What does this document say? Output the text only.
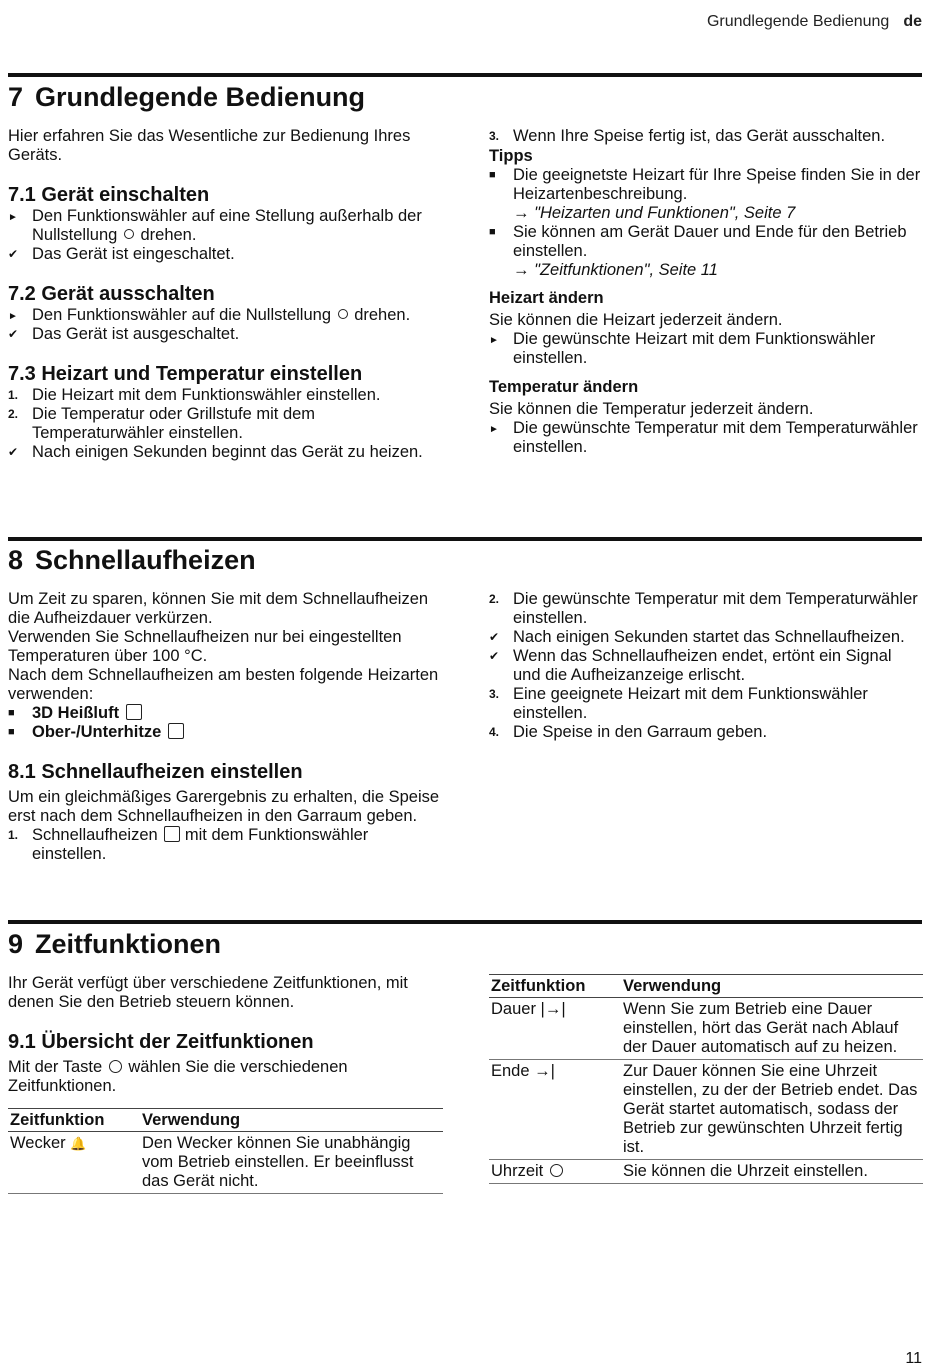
Grundlegende Bedienung de
7 Grundlegende Bedienung

Hier erfahren Sie das Wesentliche zur Bedienung Ihres Geräts.

7.1 Gerät einschalten
► Den Funktionswähler auf eine Stellung außerhalb der Nullstellung drehen.
✔ Das Gerät ist eingeschaltet.
7.2 Gerät ausschalten
► Den Funktionswähler auf die Nullstellung drehen.
✔ Das Gerät ist ausgeschaltet.
7.3 Heizart und Temperatur einstellen
1. Die Heizart mit dem Funktionswähler einstellen.
2. Die Temperatur oder Grillstufe mit dem Temperaturwähler einstellen.
✔ Nach einigen Sekunden beginnt das Gerät zu heizen.
3. Wenn Ihre Speise fertig ist, das Gerät ausschalten.
Tipps
■	Die geeignetste Heizart für Ihre Speise finden Sie in der Heizartenbeschreibung.
→ "Heizarten und Funktionen", Seite 7
■	Sie können am Gerät Dauer und Ende für den Betrieb einstellen.
→ "Zeitfunktionen", Seite 11
Heizart ändern

Sie können die Heizart jederzeit ändern.

► Die gewünschte Heizart mit dem Funktionswähler einstellen.
Temperatur ändern

Sie können die Temperatur jederzeit ändern.

► Die gewünschte Temperatur mit dem Temperaturwähler einstellen.
8 Schnellaufheizen

Um Zeit zu sparen, können Sie mit dem Schnellaufheizen die Aufheizdauer verkürzen.

Verwenden Sie Schnellaufheizen nur bei eingestellten Temperaturen über 100 °C.

Nach dem Schnellaufheizen am besten folgende Heizarten verwenden:

■	3D Heißluft
■	Ober-/Unterhitze
8.1 Schnellaufheizen einstellen

Um ein gleichmäßiges Garergebnis zu erhalten, die Speise erst nach dem Schnellaufheizen in den Garraum geben.

1. Schnellaufheizen mit dem Funktionswähler einstellen.
2. Die gewünschte Temperatur mit dem Temperaturwähler einstellen.
✔ Nach einigen Sekunden startet das Schnellaufheizen.
✔ Wenn das Schnellaufheizen endet, ertönt ein Signal und die Aufheizanzeige erlischt.
3. Eine geeignete Heizart mit dem Funktionswähler einstellen.
4. Die Speise in den Garraum geben.
9 Zeitfunktionen

Ihr Gerät verfügt über verschiedene Zeitfunktionen, mit denen Sie den Betrieb steuern können.

9.1 Übersicht der Zeitfunktionen

Mit der Taste wählen Sie die verschiedenen Zeitfunktionen.

Zeitfunktion	Verwendung
Wecker 🔔	Den Wecker können Sie unabhängig vom Betrieb einstellen. Er beeinflusst das Gerät nicht.
Zeitfunktion	Verwendung
Dauer |→|	Wenn Sie zum Betrieb eine Dauer einstellen, hört das Gerät nach Ablauf der Dauer automatisch auf zu heizen.
Ende →|	Zur Dauer können Sie eine Uhrzeit einstellen, zu der der Betrieb endet. Das Gerät startet automatisch, sodass der Betrieb zur gewünschten Uhrzeit fertig ist.
Uhrzeit	Sie können die Uhrzeit einstellen.
11
